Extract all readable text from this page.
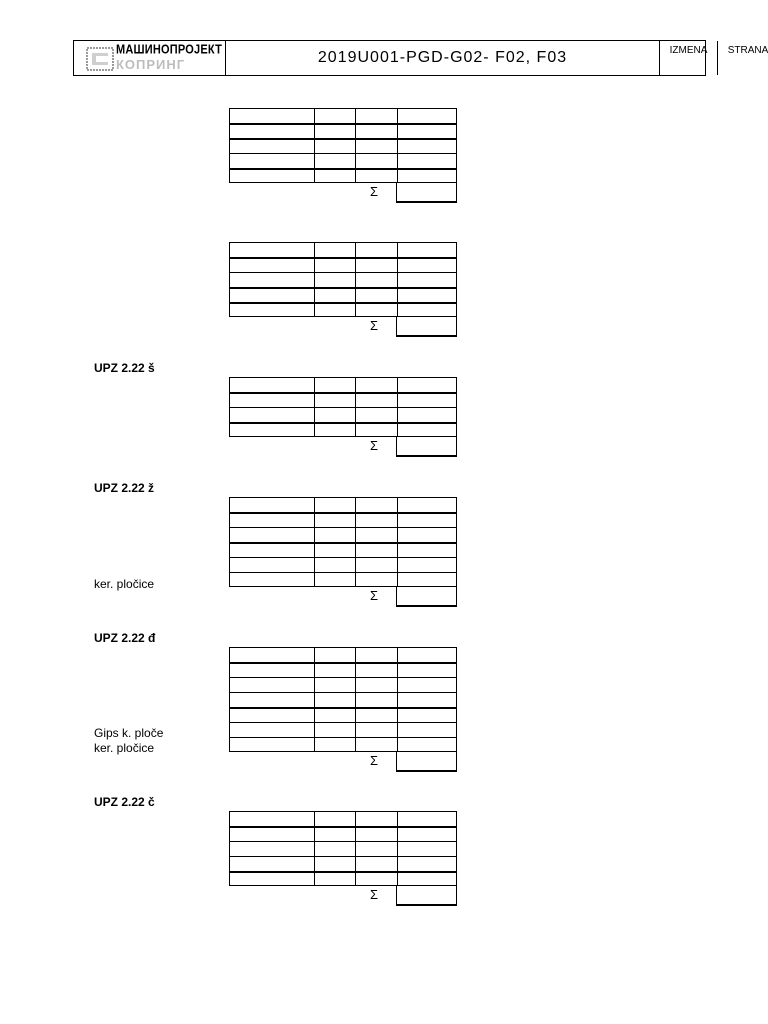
МАШИНОПРОЈЕКТ
КОПРИНГ	2019U001-PGD-G02- F02, F03	IZMENA	STRANA
Σ
Σ
UPZ 2.22 š
Σ
UPZ 2.22 ž
Σ
ker. pločice
UPZ 2.22 đ
Σ
Gips k. ploče
ker. pločice
UPZ 2.22 č
Σ
